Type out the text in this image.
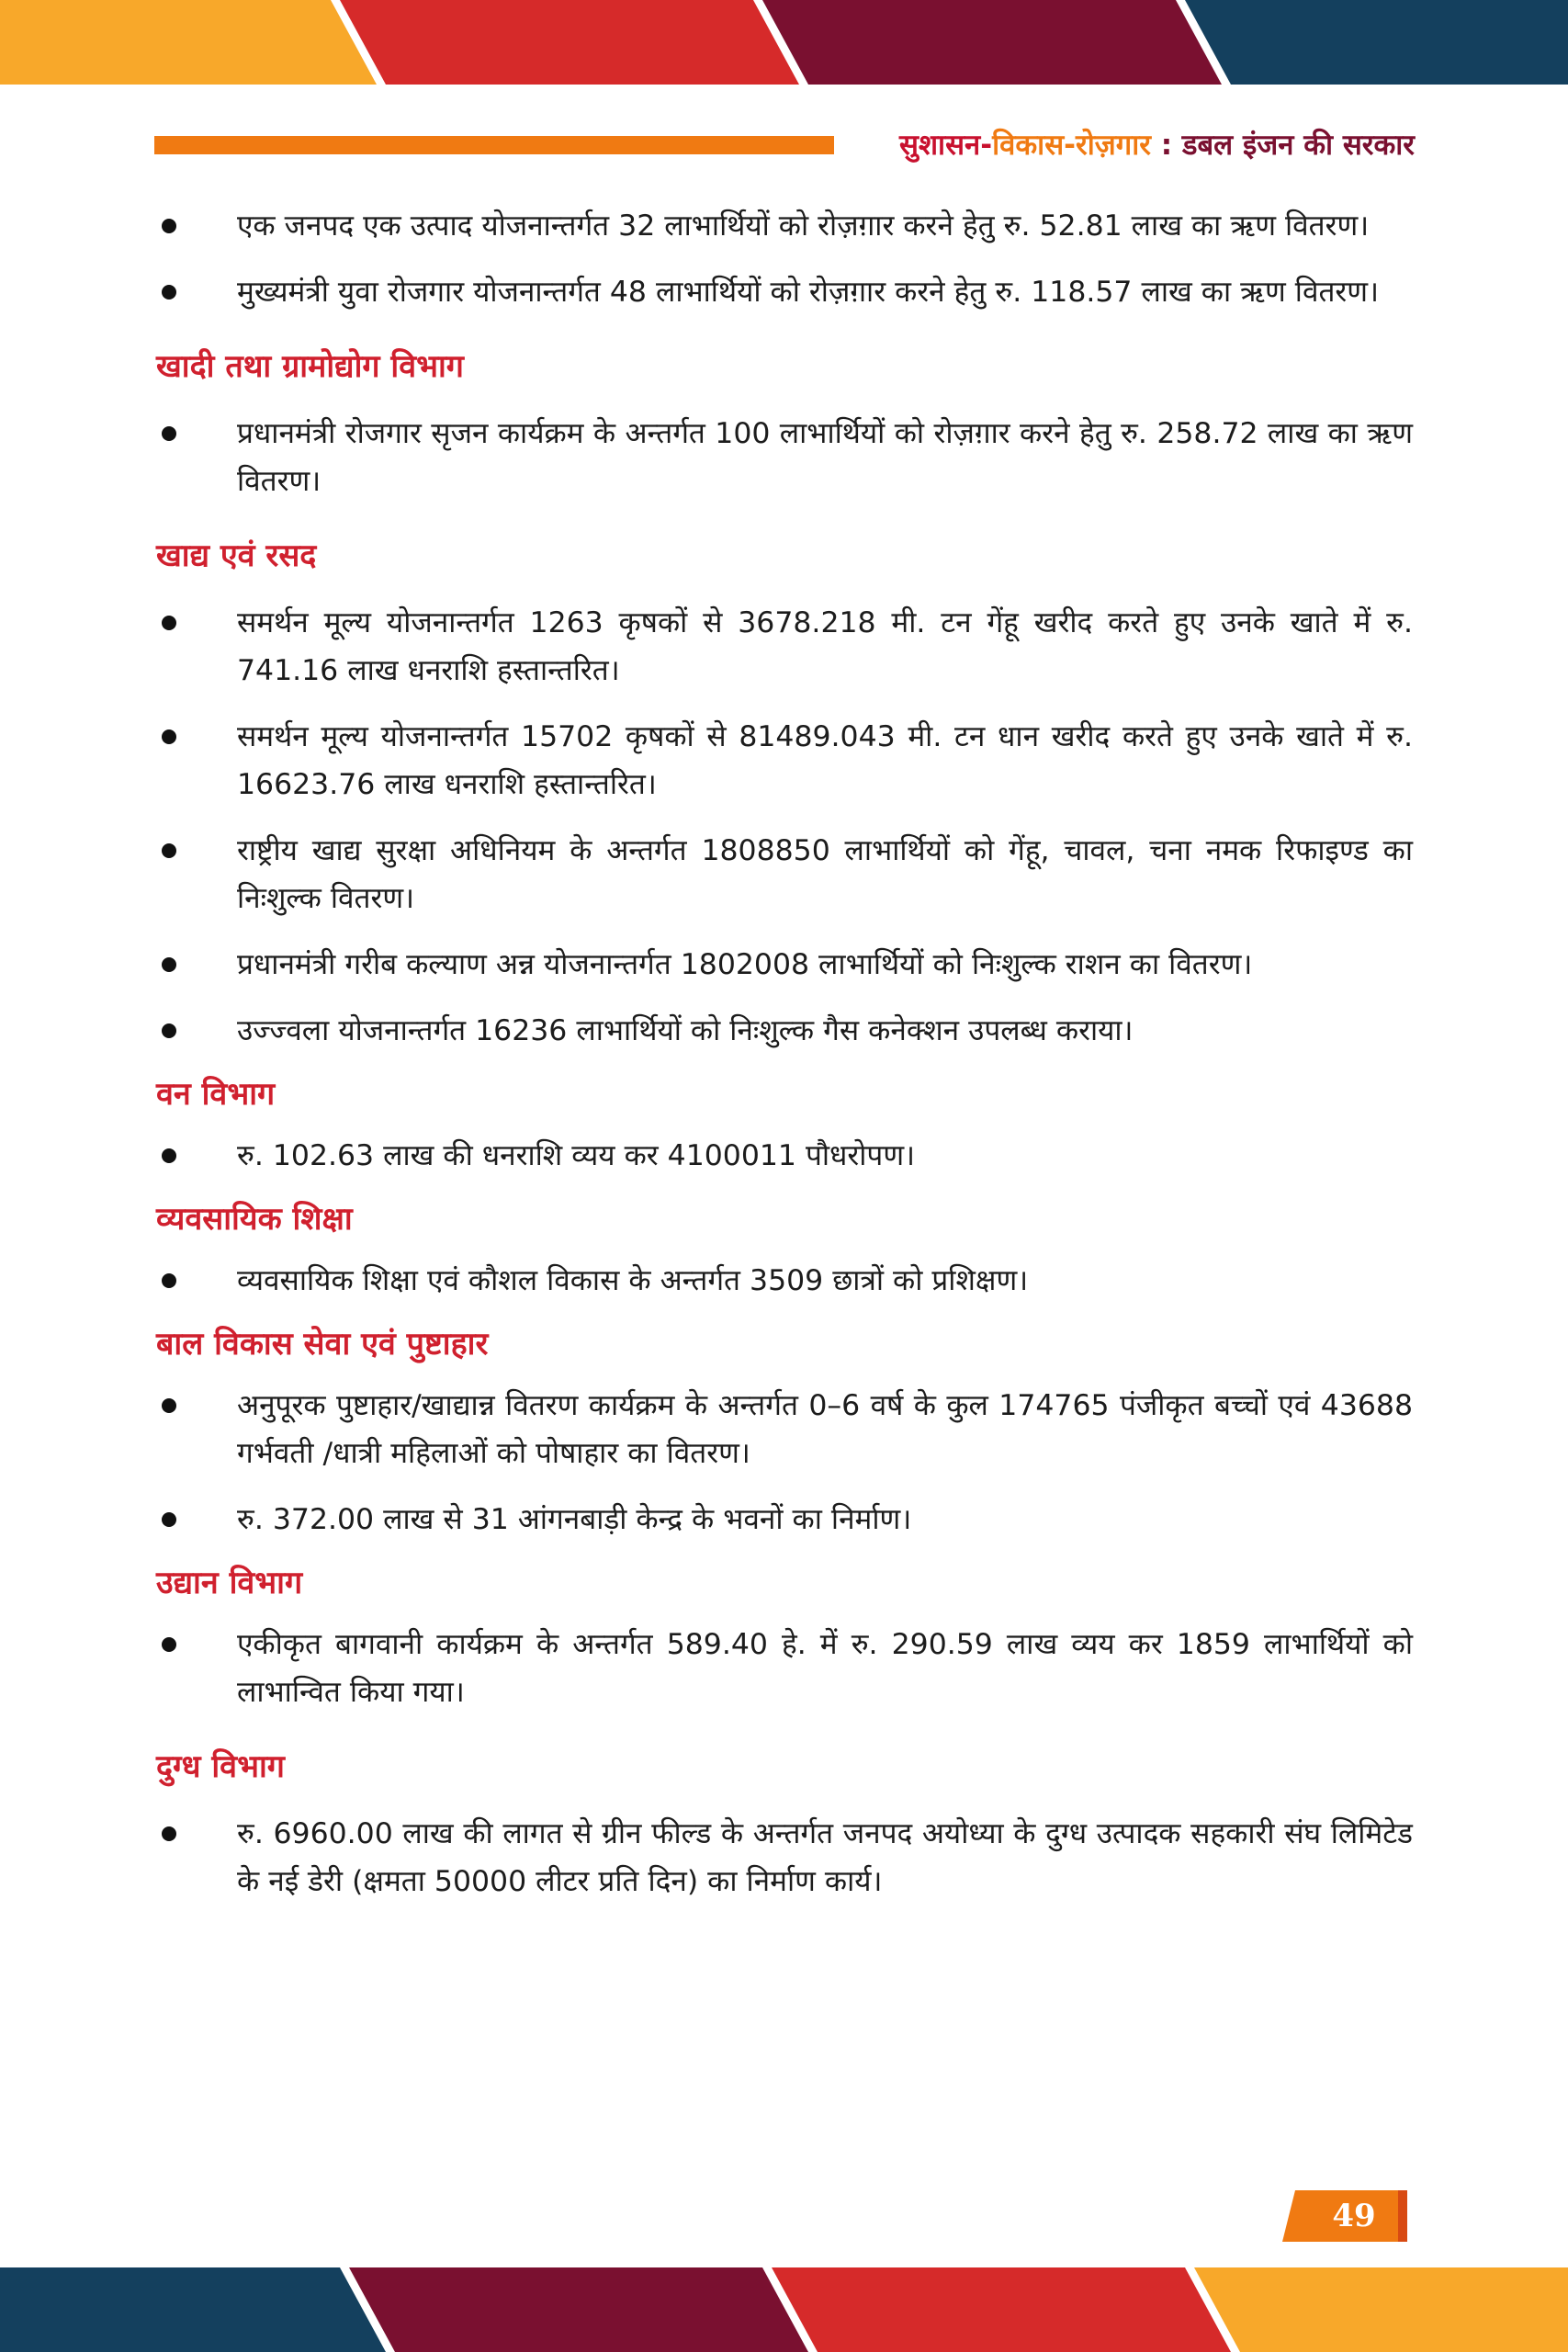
सुशासन-विकास-रोज़गार : डबल इंजन की सरकार
एक जनपद एक उत्पाद योजनान्तर्गत 32 लाभार्थियों को रोज़ग़ार करने हेतु रु. 52.81 लाख का ऋण वितरण।
मुख्यमंत्री युवा रोजगार योजनान्तर्गत 48 लाभार्थियों को रोज़ग़ार करने हेतु रु. 118.57 लाख का ऋण वितरण।
खादी तथा ग्रामोद्योग विभाग
प्रधानमंत्री रोजगार सृजन कार्यक्रम के अन्तर्गत 100 लाभार्थियों को रोज़ग़ार करने हेतु रु. 258.72 लाख का ऋण वितरण।
खाद्य एवं रसद
समर्थन मूल्य योजनान्तर्गत 1263 कृषकों से 3678.218 मी. टन गेंहू खरीद करते हुए उनके खाते में रु. 741.16 लाख धनराशि हस्तान्तरित।
समर्थन मूल्य योजनान्तर्गत 15702 कृषकों से 81489.043 मी. टन धान खरीद करते हुए उनके खाते में रु. 16623.76 लाख धनराशि हस्तान्तरित।
राष्ट्रीय खाद्य सुरक्षा अधिनियम के अन्तर्गत 1808850 लाभार्थियों को गेंहू, चावल, चना नमक रिफाइण्ड का निःशुल्क वितरण।
प्रधानमंत्री गरीब कल्याण अन्न योजनान्तर्गत 1802008 लाभार्थियों को निःशुल्क राशन का वितरण।
उज्ज्वला योजनान्तर्गत 16236 लाभार्थियों को निःशुल्क गैस कनेक्शन उपलब्ध कराया।
वन विभाग
रु. 102.63 लाख की धनराशि व्यय कर 4100011 पौधरोपण।
व्यवसायिक शिक्षा
व्यवसायिक शिक्षा एवं कौशल विकास के अन्तर्गत 3509 छात्रों को प्रशिक्षण।
बाल विकास सेवा एवं पुष्टाहार
अनुपूरक पुष्टाहार/खाद्यान्न वितरण कार्यक्रम के अन्तर्गत 0–6 वर्ष के कुल 174765 पंजीकृत बच्चों एवं 43688 गर्भवती /धात्री महिलाओं को पोषाहार का वितरण।
रु. 372.00 लाख से 31 आंगनबाड़ी केन्द्र के भवनों का निर्माण।
उद्यान विभाग
एकीकृत बागवानी कार्यक्रम के अन्तर्गत 589.40 हे. में रु. 290.59 लाख व्यय कर 1859 लाभार्थियों को लाभान्वित किया गया।
दुग्ध विभाग
रु. 6960.00 लाख की लागत से ग्रीन फील्ड के अन्तर्गत जनपद अयोध्या के दुग्ध उत्पादक सहकारी संघ लिमिटेड के नई डेरी (क्षमता 50000 लीटर प्रति दिन) का निर्माण कार्य।
49
